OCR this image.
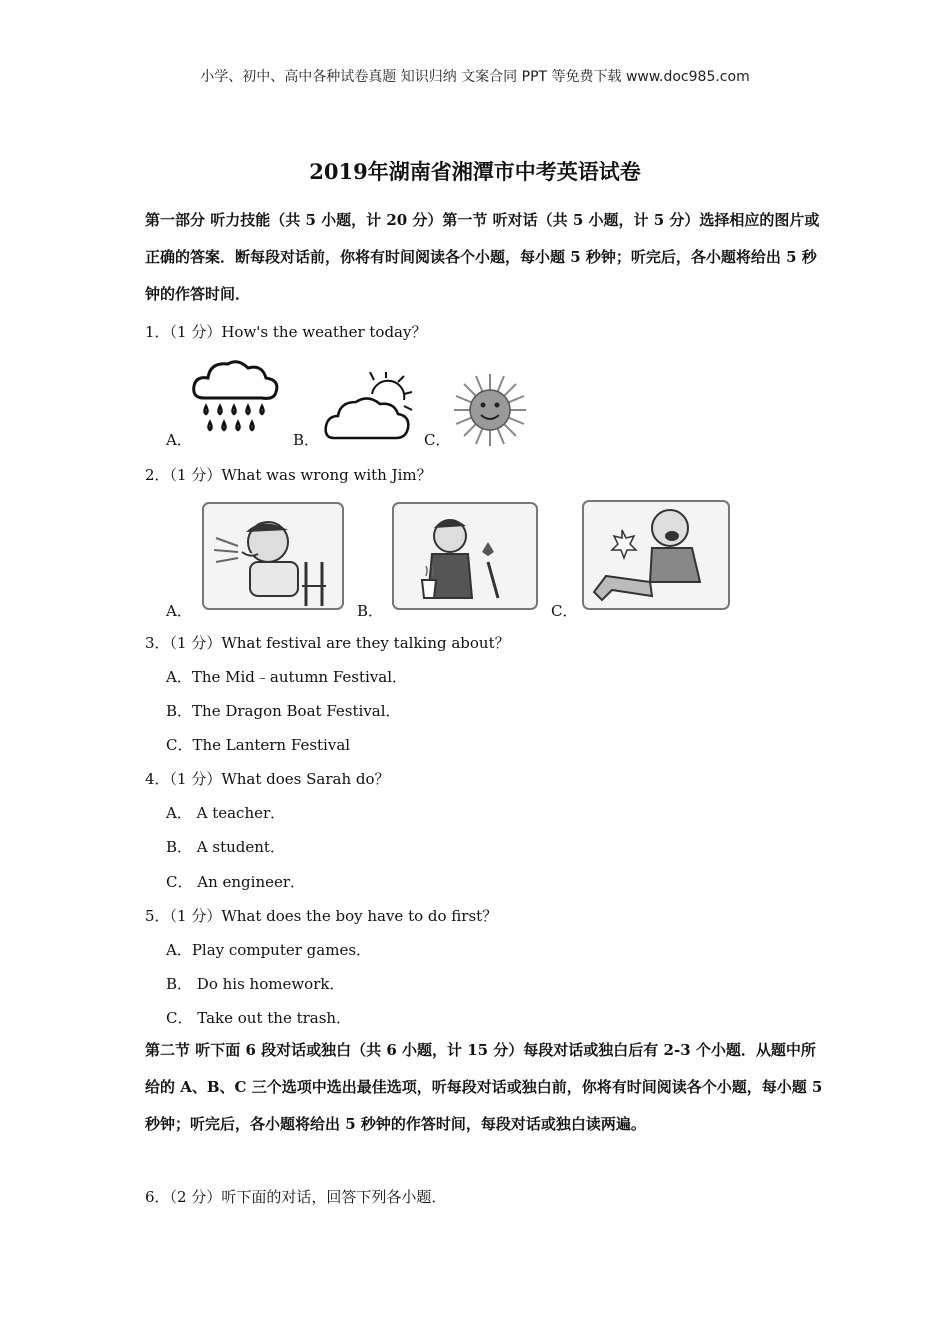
小学、初中、高中各种试卷真题 知识归纳 文案合同 PPT 等免费下载 www.doc985.com
2019年湖南省湘潭市中考英语试卷
第一部分 听力技能（共 5 小题，计 20 分）第一节 听对话（共 5 小题，计 5 分）选择相应的图片或正确的答案．断每段对话前，你将有时间阅读各个小题，每小题 5 秒钟；听完后，各小题将给出 5 秒钟的作答时间．
1．（1 分）How's the weather today？
A．	B．	C．
2．（1 分）What was wrong with Jim？
A．	B．	C．
3．（1 分）What festival are they talking about？
A．The Mid﹣autumn Festival．
B．The Dragon Boat Festival．
C．The Lantern Festival
4．（1 分）What does Sarah do？
A． A teacher．
B． A student．
C． An engineer．
5．（1 分）What does the boy have to do first？
A．Play computer games．
B． Do his homework．
C． Take out the trash．
第二节 听下面 6 段对话或独白（共 6 小题，计 15 分）每段对话或独白后有 2-3 个小题．从题中所给的 A、B、C 三个选项中选出最佳选项，听每段对话或独白前，你将有时间阅读各个小题，每小题 5 秒钟；听完后，各小题将给出 5 秒钟的作答时间，每段对话或独白读两遍。
6．（2 分）听下面的对话，回答下列各小题．
